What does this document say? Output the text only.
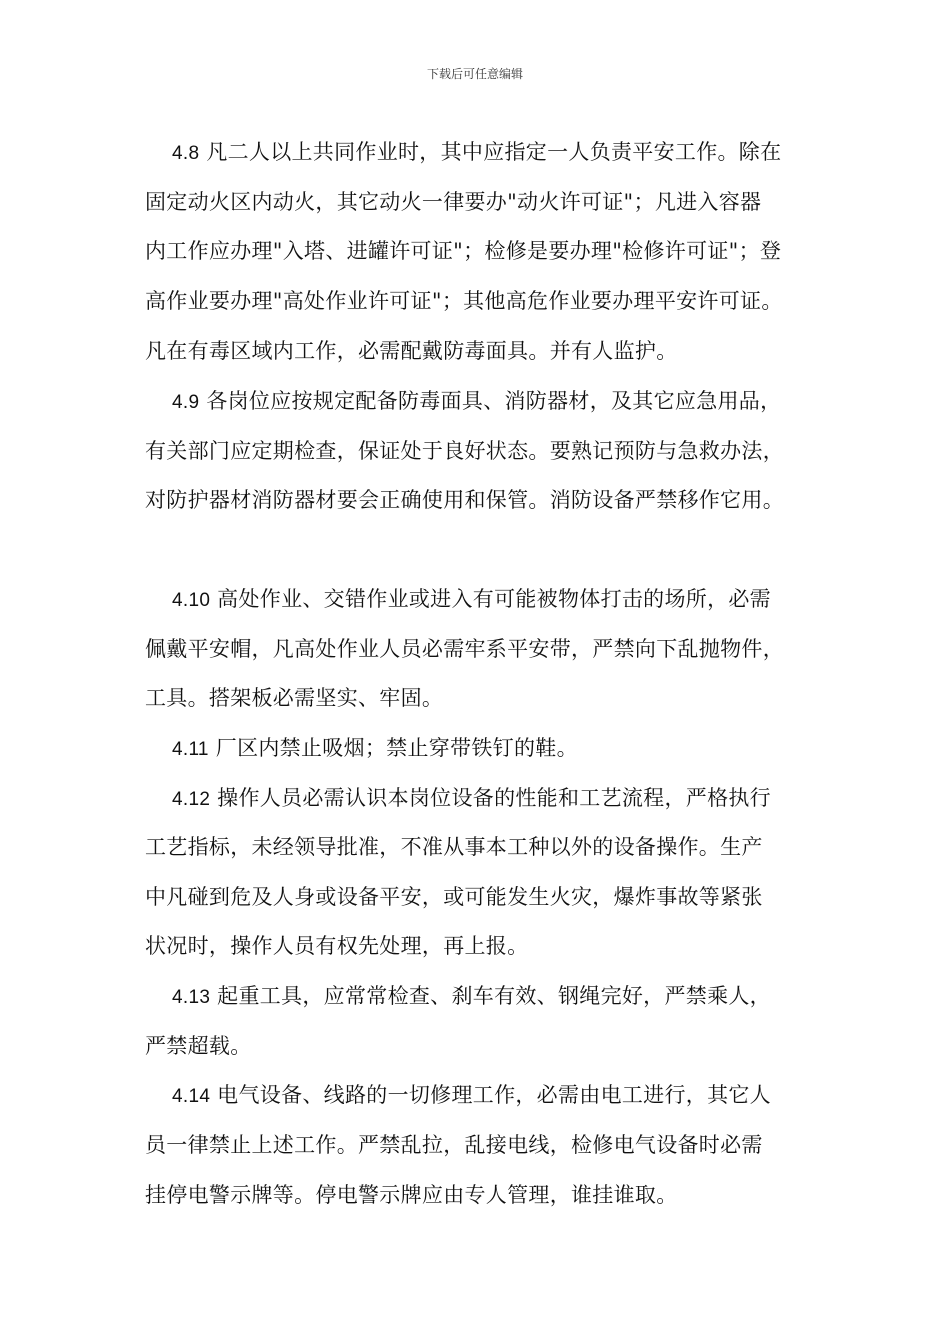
下载后可任意编辑
4.8 凡二人以上共同作业时，其中应指定一人负责平安工作。除在
固定动火区内动火，其它动火一律要办"动火许可证"；凡进入容器
内工作应办理"入塔、进罐许可证"；检修是要办理"检修许可证"；登
高作业要办理"高处作业许可证"；其他高危作业要办理平安许可证。
凡在有毒区域内工作，必需配戴防毒面具。并有人监护。
4.9 各岗位应按规定配备防毒面具、消防器材，及其它应急用品，
有关部门应定期检查，保证处于良好状态。要熟记预防与急救办法，
对防护器材消防器材要会正确使用和保管。消防设备严禁移作它用。
4.10 高处作业、交错作业或进入有可能被物体打击的场所，必需
佩戴平安帽，凡高处作业人员必需牢系平安带，严禁向下乱抛物件，
工具。搭架板必需坚实、牢固。
4.11 厂区内禁止吸烟；禁止穿带铁钉的鞋。
4.12 操作人员必需认识本岗位设备的性能和工艺流程，严格执行
工艺指标，未经领导批准，不准从事本工种以外的设备操作。生产
中凡碰到危及人身或设备平安，或可能发生火灾，爆炸事故等紧张
状况时，操作人员有权先处理，再上报。
4.13 起重工具，应常常检查、刹车有效、钢绳完好，严禁乘人，
严禁超载。
4.14 电气设备、线路的一切修理工作，必需由电工进行，其它人
员一律禁止上述工作。严禁乱拉，乱接电线，检修电气设备时必需
挂停电警示牌等。停电警示牌应由专人管理，谁挂谁取。
